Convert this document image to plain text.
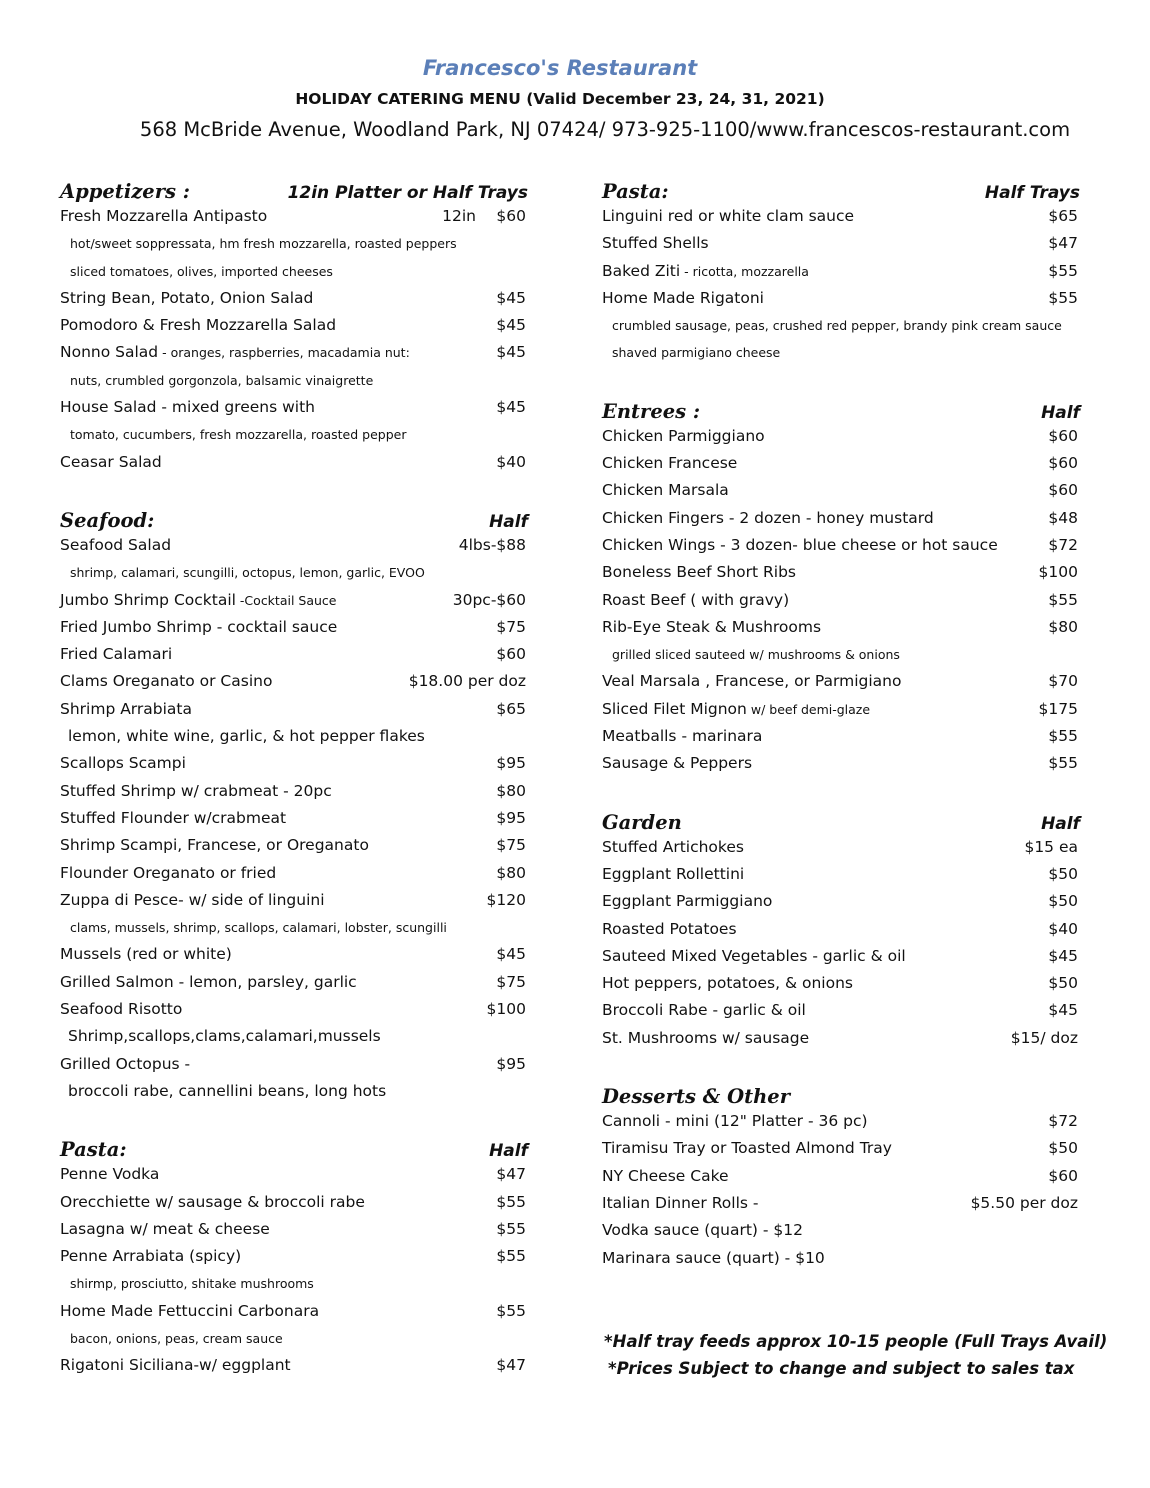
Francesco's Restaurant
HOLIDAY CATERING MENU (Valid December 23, 24, 31, 2021)
568 McBride Avenue, Woodland Park, NJ 07424/ 973-925-1100/www.francescos-restaurant.com
Appetizers :	12in Platter or Half Trays
Fresh Mozzarella Antipasto	12in $60
hot/sweet soppressata, hm fresh mozzarella, roasted peppers
sliced tomatoes, olives, imported cheeses
String Bean, Potato, Onion Salad	$45
Pomodoro & Fresh Mozzarella Salad	$45
Nonno Salad - oranges, raspberries, macadamia nut:	$45
nuts, crumbled gorgonzola, balsamic vinaigrette
House Salad - mixed greens with	$45
tomato, cucumbers, fresh mozzarella, roasted pepper
Ceasar Salad	$40
Seafood:	Half
Seafood Salad	4lbs-$88
shrimp, calamari, scungilli, octopus, lemon, garlic, EVOO
Jumbo Shrimp Cocktail -Cocktail Sauce	30pc-$60
Fried Jumbo Shrimp - cocktail sauce	$75
Fried Calamari	$60
Clams Oreganato or Casino	$18.00 per doz
Shrimp Arrabiata	$65
lemon, white wine, garlic, & hot pepper flakes
Scallops Scampi	$95
Stuffed Shrimp w/ crabmeat - 20pc	$80
Stuffed Flounder w/crabmeat	$95
Shrimp Scampi, Francese, or Oreganato	$75
Flounder Oreganato or fried	$80
Zuppa di Pesce- w/ side of linguini	$120
clams, mussels, shrimp, scallops, calamari, lobster, scungilli
Mussels (red or white)	$45
Grilled Salmon - lemon, parsley, garlic	$75
Seafood Risotto	$100
Shrimp,scallops,clams,calamari,mussels
Grilled Octopus -	$95
broccoli rabe, cannellini beans, long hots
Pasta:	Half
Penne Vodka	$47
Orecchiette w/ sausage & broccoli rabe	$55
Lasagna w/ meat & cheese	$55
Penne Arrabiata (spicy)	$55
shirmp, prosciutto, shitake mushrooms
Home Made Fettuccini Carbonara	$55
bacon, onions, peas, cream sauce
Rigatoni Siciliana-w/ eggplant	$47
Pasta:	Half Trays
Linguini red or white clam sauce	$65
Stuffed Shells	$47
Baked Ziti - ricotta, mozzarella	$55
Home Made Rigatoni	$55
crumbled sausage, peas, crushed red pepper, brandy pink cream sauce
shaved parmigiano cheese
Entrees :	Half
Chicken Parmiggiano	$60
Chicken Francese	$60
Chicken Marsala	$60
Chicken Fingers - 2 dozen - honey mustard	$48
Chicken Wings - 3 dozen- blue cheese or hot sauce	$72
Boneless Beef Short Ribs	$100
Roast Beef ( with gravy)	$55
Rib-Eye Steak & Mushrooms	$80
grilled sliced sauteed w/ mushrooms & onions
Veal Marsala , Francese, or Parmigiano	$70
Sliced Filet Mignon w/ beef demi-glaze	$175
Meatballs - marinara	$55
Sausage & Peppers	$55
Garden	Half
Stuffed Artichokes	$15 ea
Eggplant Rollettini	$50
Eggplant Parmiggiano	$50
Roasted Potatoes	$40
Sauteed Mixed Vegetables - garlic & oil	$45
Hot peppers, potatoes, & onions	$50
Broccoli Rabe - garlic & oil	$45
St. Mushrooms w/ sausage	$15/ doz
Desserts & Other
Cannoli - mini (12" Platter - 36 pc)	$72
Tiramisu Tray or Toasted Almond Tray	$50
NY Cheese Cake	$60
Italian Dinner Rolls -	$5.50 per doz
Vodka sauce (quart) - $12
Marinara sauce (quart) - $10
*Half tray feeds approx 10-15 people (Full Trays Avail)
*Prices Subject to change and subject to sales tax
